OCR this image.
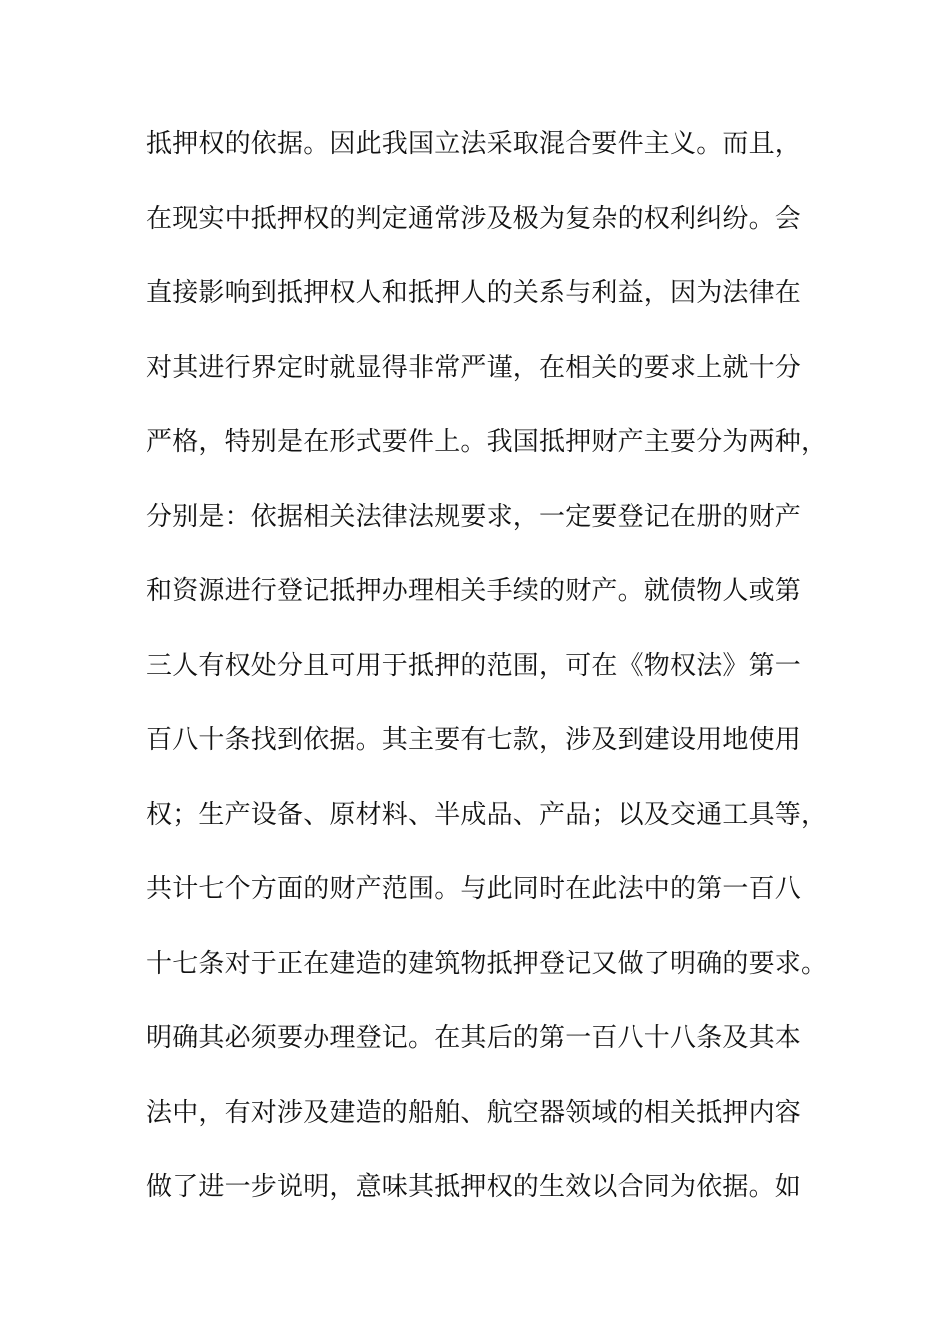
抵押权的依据。因此我国立法采取混合要件主义。而且，
在现实中抵押权的判定通常涉及极为复杂的权利纠纷。会
直接影响到抵押权人和抵押人的关系与利益，因为法律在
对其进行界定时就显得非常严谨，在相关的要求上就十分
严格，特别是在形式要件上。我国抵押财产主要分为两种，
分别是：依据相关法律法规要求，一定要登记在册的财产
和资源进行登记抵押办理相关手续的财产。就债物人或第
三人有权处分且可用于抵押的范围，可在《物权法》第一
百八十条找到依据。其主要有七款，涉及到建设用地使用
权；生产设备、原材料、半成品、产品；以及交通工具等，
共计七个方面的财产范围。与此同时在此法中的第一百八
十七条对于正在建造的建筑物抵押登记又做了明确的要求。
明确其必须要办理登记。在其后的第一百八十八条及其本
法中，有对涉及建造的船舶、航空器领域的相关抵押内容
做了进一步说明，意味其抵押权的生效以合同为依据。如
